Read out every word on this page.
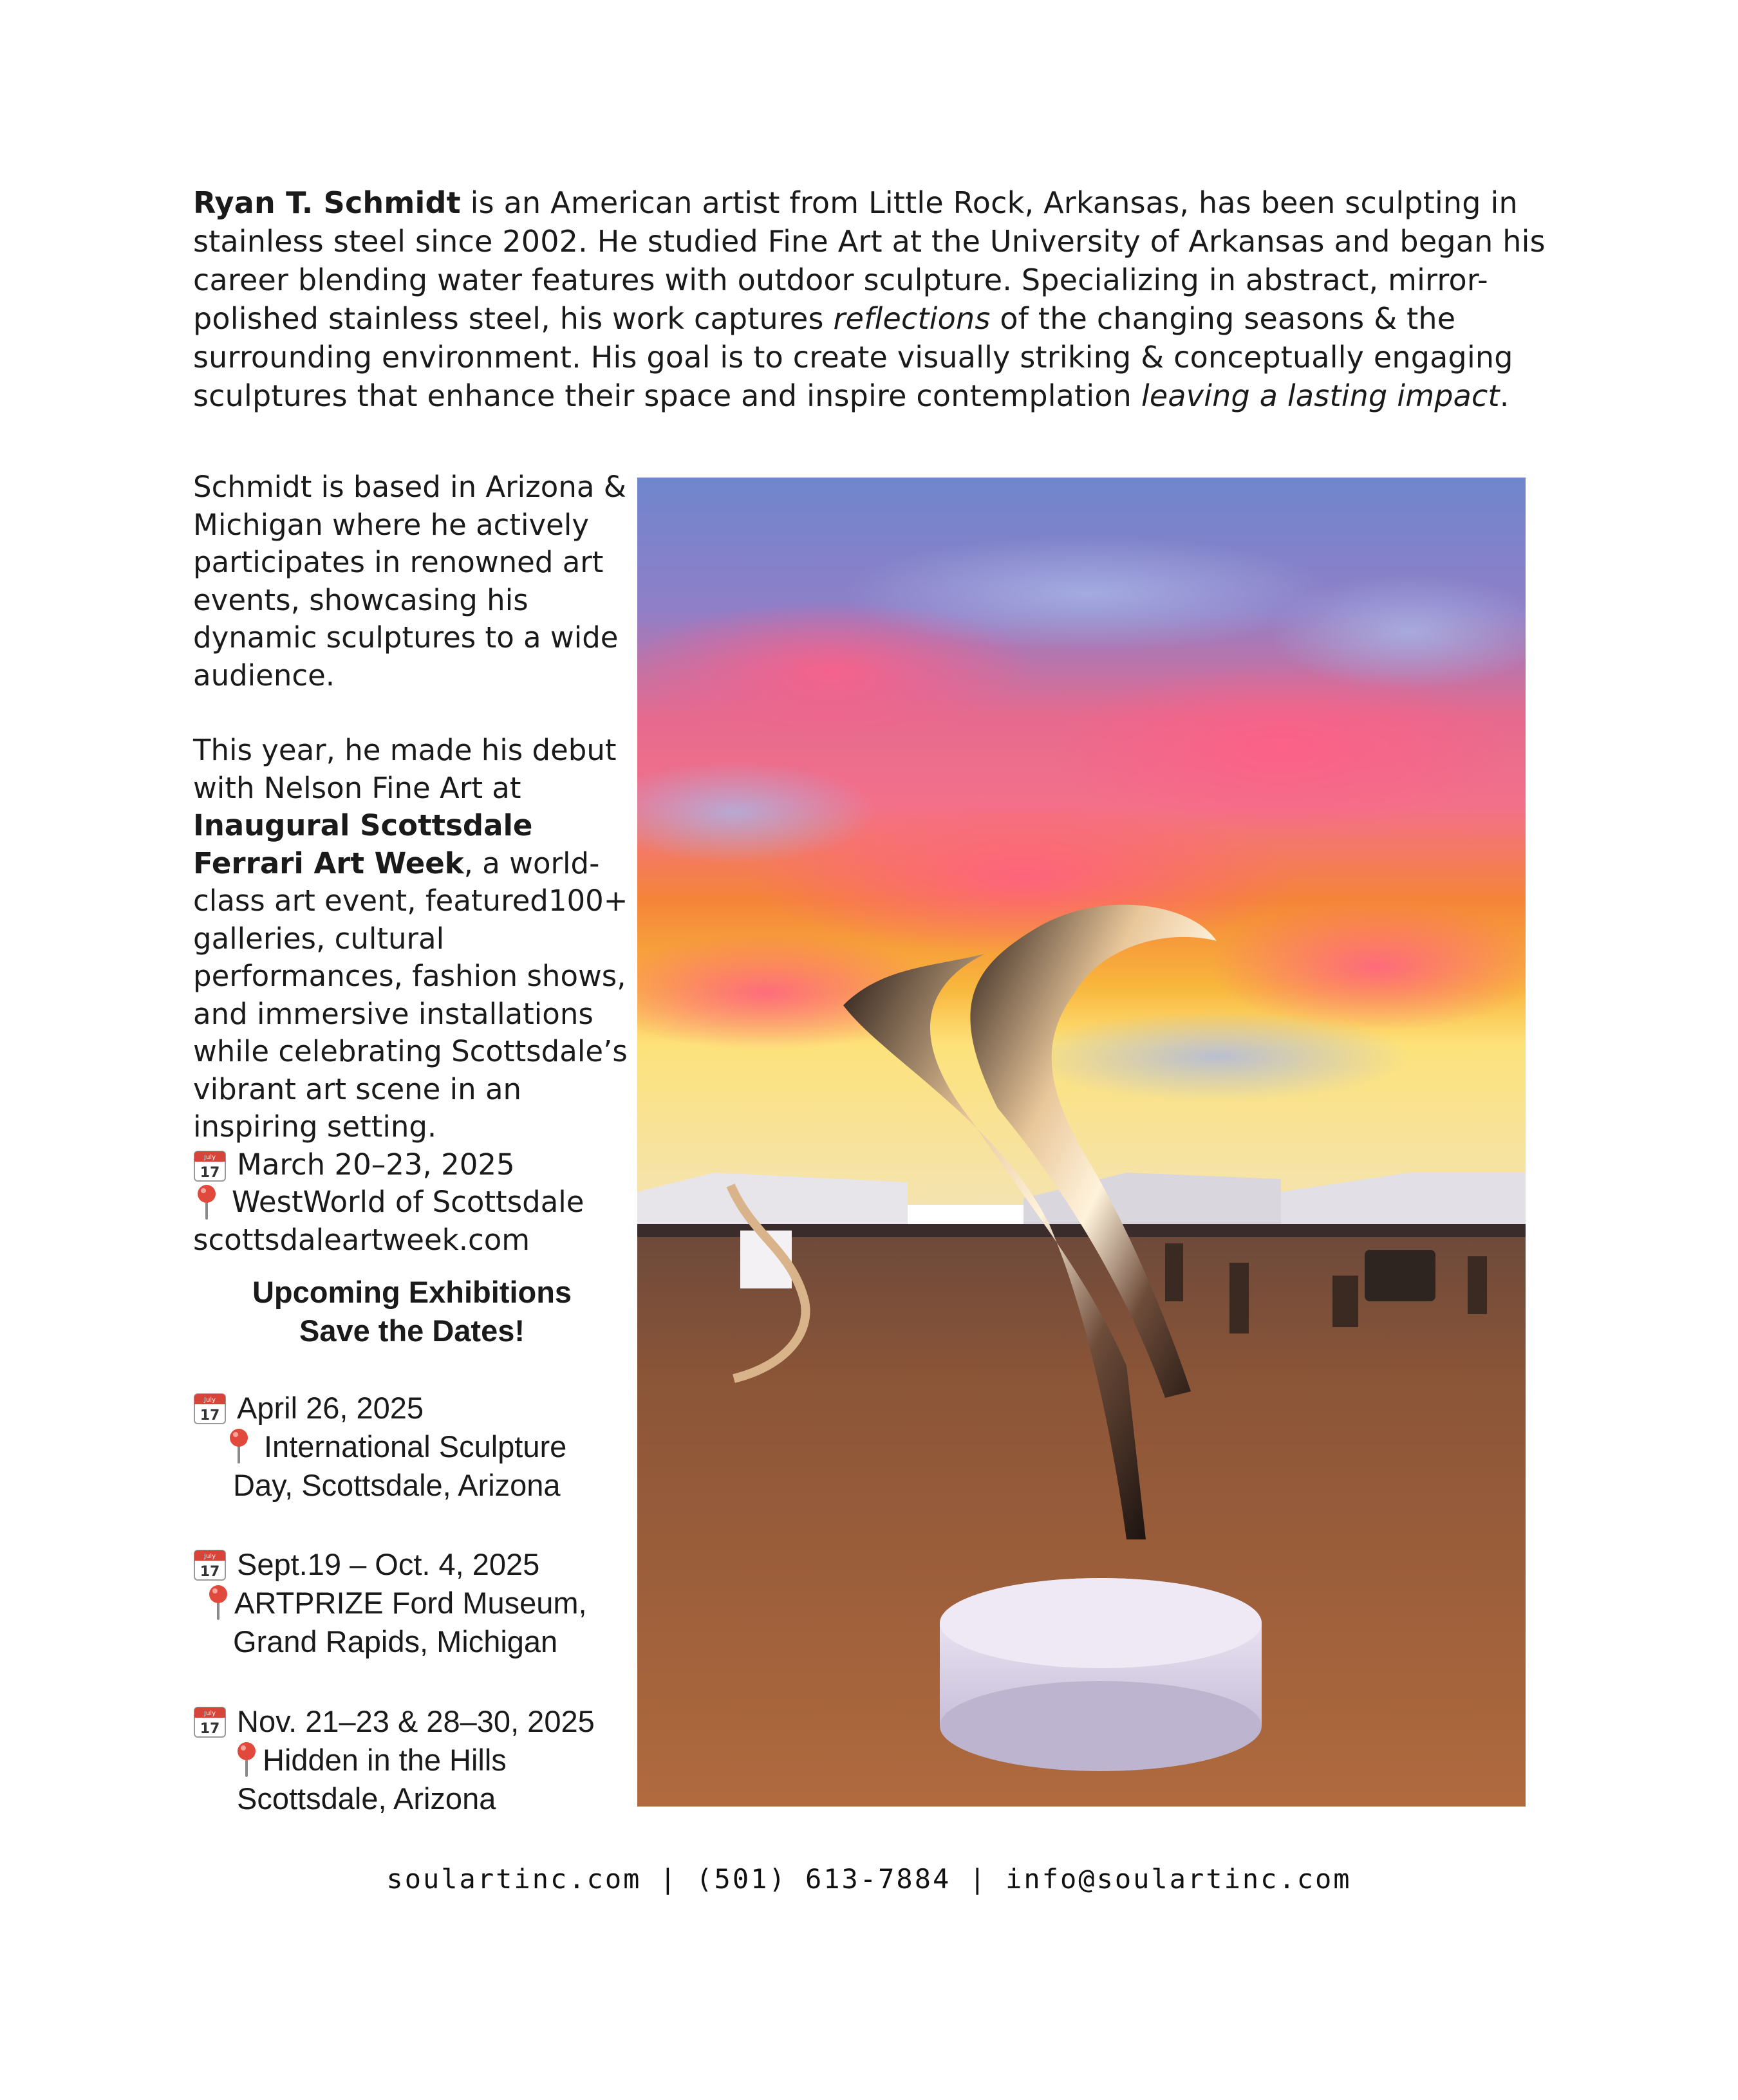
Ryan T. Schmidt is an American artist from Little Rock, Arkansas, has been sculpting in stainless steel since 2002. He studied Fine Art at the University of Arkansas and began his career blending water features with outdoor sculpture. Specializing in abstract, mirror-polished stainless steel, his work captures reflections of the changing seasons & the surrounding environment. His goal is to create visually striking & conceptually engaging sculptures that enhance their space and inspire contemplation leaving a lasting impact.

Schmidt is based in Arizona & Michigan where he actively participates in renowned art events, showcasing his dynamic sculptures to a wide audience.

This year, he made his debut with Nelson Fine Art at Inaugural Scottsdale Ferrari Art Week, a world-class art event, featured100+ galleries, cultural performances, fashion shows, and immersive installations while celebrating Scottsdale’s vibrant art scene in an inspiring setting.

July
17 March 20–23, 2025
WestWorld of Scottsdale
scottsdaleartweek.com
Upcoming Exhibitions
Save the Dates!
July
17 April 26, 2025
International Sculpture
Day, Scottsdale, Arizona
July
17 Sept.19 – Oct. 4, 2025
ARTPRIZE Ford Museum,
Grand Rapids, Michigan
July
17 Nov. 21–23 & 28–30, 2025
Hidden in the Hills
Scottsdale, Arizona
soulartinc.com | (501) 613-7884 | info@soulartinc.com
